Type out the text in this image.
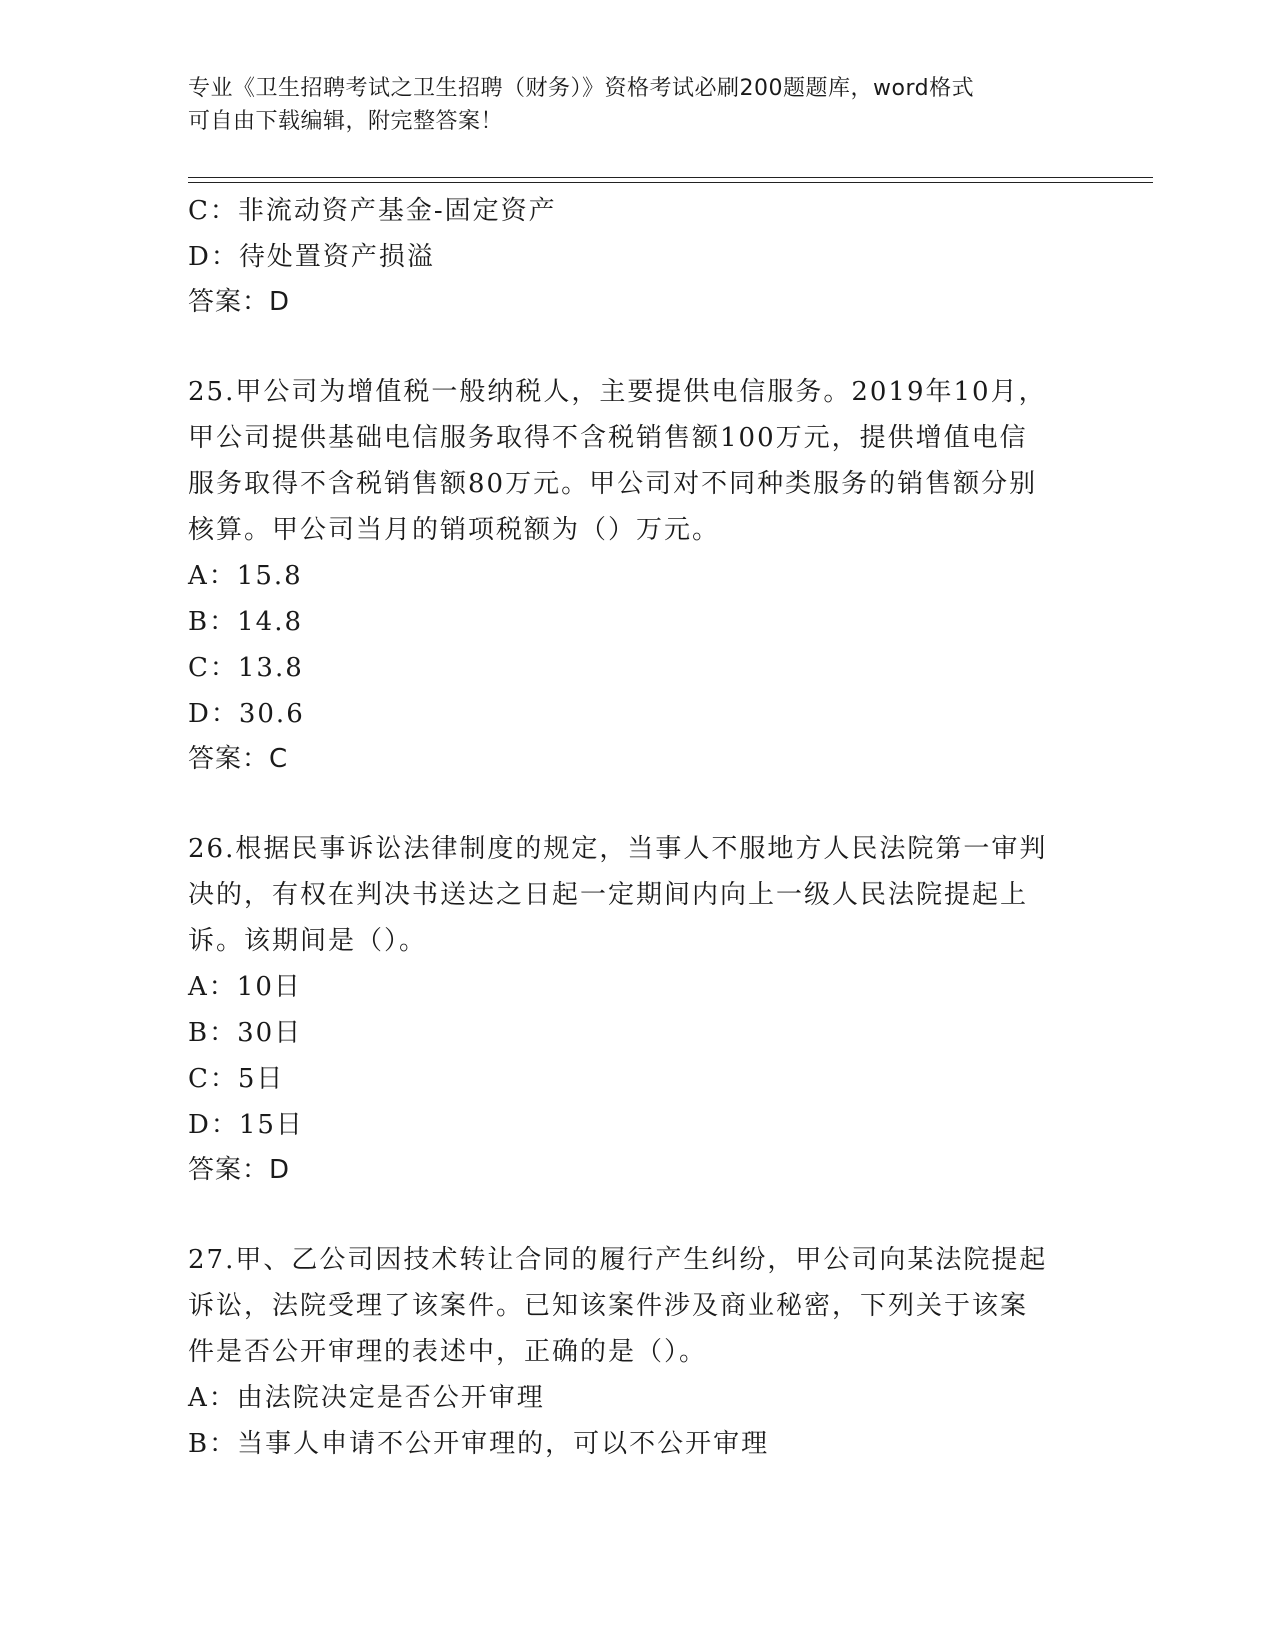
专业《卫生招聘考试之卫生招聘（财务）》资格考试必刷200题题库，word格式
可自由下载编辑，附完整答案！
C：非流动资产基金-固定资产
D：待处置资产损溢
答案：D
25.甲公司为增值税一般纳税人，主要提供电信服务。2019年10月，
甲公司提供基础电信服务取得不含税销售额100万元，提供增值电信
服务取得不含税销售额80万元。甲公司对不同种类服务的销售额分别
核算。甲公司当月的销项税额为（）万元。
A：15.8
B：14.8
C：13.8
D：30.6
答案：C
26.根据民事诉讼法律制度的规定，当事人不服地方人民法院第一审判
决的，有权在判决书送达之日起一定期间内向上一级人民法院提起上
诉。该期间是（）。
A：10日
B：30日
C：5日
D：15日
答案：D
27.甲、乙公司因技术转让合同的履行产生纠纷，甲公司向某法院提起
诉讼，法院受理了该案件。已知该案件涉及商业秘密，下列关于该案
件是否公开审理的表述中，正确的是（）。
A：由法院决定是否公开审理
B：当事人申请不公开审理的，可以不公开审理
